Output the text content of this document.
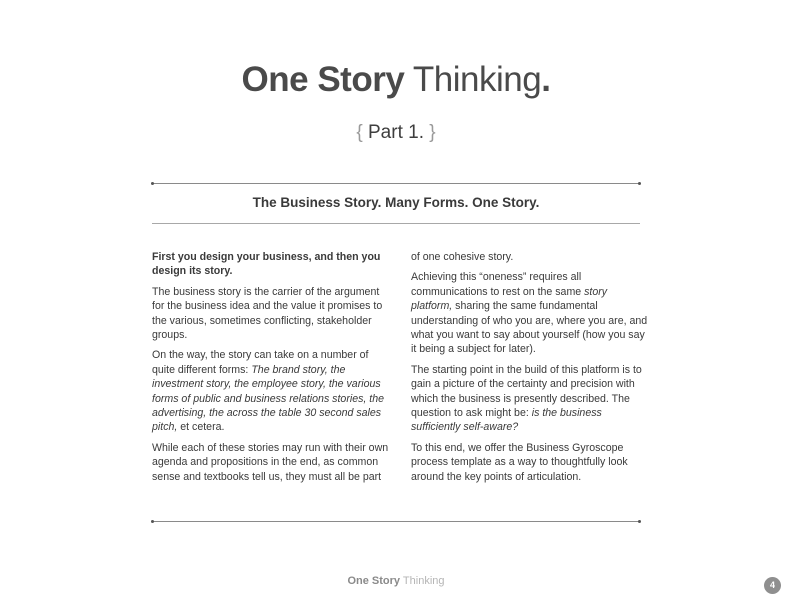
One Story Thinking.
{ Part 1. }
The Business Story. Many Forms. One Story.

First you design your business, and then you design its story.

The business story is the carrier of the argument for the business idea and the value it promises to the various, sometimes conflicting, stakeholder groups.

On the way, the story can take on a number of quite different forms: The brand story, the investment story, the employee story, the various forms of public and business relations stories, the advertising, the across the table 30 second sales pitch, et cetera.

While each of these stories may run with their own agenda and propositions in the end, as common sense and textbooks tell us, they must all be part

of one cohesive story.

Achieving this “oneness” requires all communications to rest on the same story platform, sharing the same fundamental understanding of who you are, where you are, and what you want to say about yourself (how you say it being a subject for later).

The starting point in the build of this platform is to gain a picture of the certainty and precision with which the business is presently described. The question to ask might be: is the business sufficiently self-aware?

To this end, we offer the Business Gyroscope process template as a way to thoughtfully look around the key points of articulation.

One Story Thinking	4
